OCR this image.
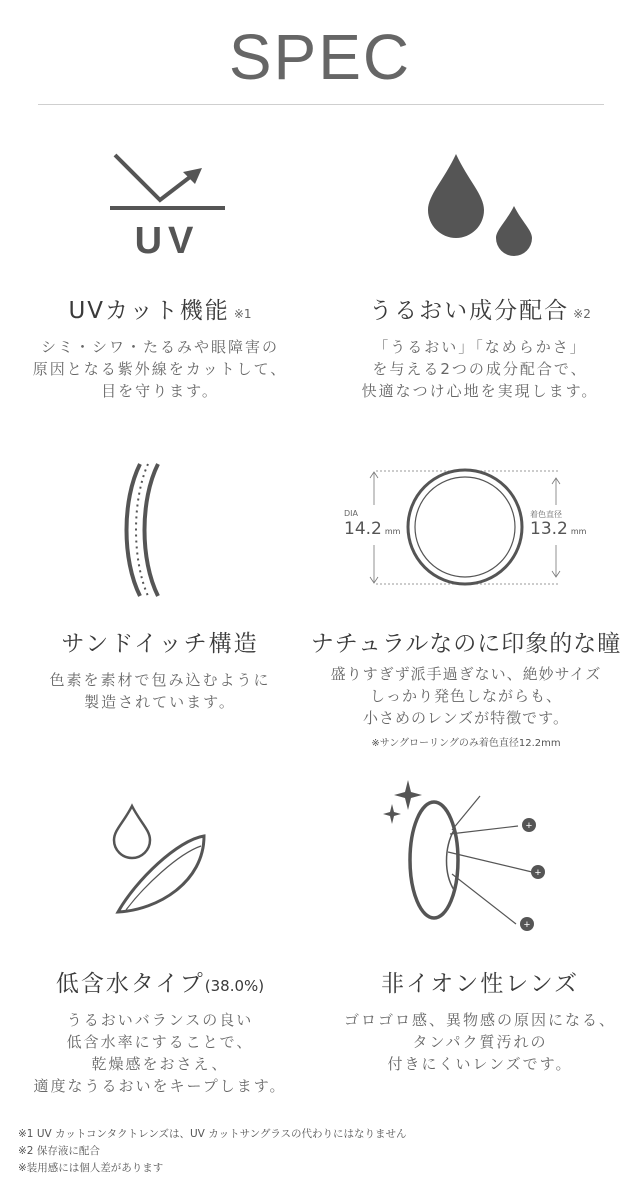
SPEC
UV
UVカット機能 ※1
シミ・シワ・たるみや眼障害の
原因となる紫外線をカットして、
目を守ります。
うるおい成分配合 ※2
「うるおい」「なめらかさ」
を与える2つの成分配合で、
快適なつけ心地を実現します。
サンドイッチ構造
色素を素材で包み込むように
製造されています。
DIA
14.2 mm
着色直径
13.2 mm
ナチュラルなのに印象的な瞳
盛りすぎず派手過ぎない、絶妙サイズ
しっかり発色しながらも、
小さめのレンズが特徴です。
※サングローリングのみ着色直径12.2mm
低含水タイプ(38.0%)
うるおいバランスの良い
低含水率にすることで、
乾燥感をおさえ、
適度なうるおいをキープします。
+
+
+
非イオン性レンズ
ゴロゴロ感、異物感の原因になる、
タンパク質汚れの
付きにくいレンズです。
※1 UV カットコンタクトレンズは、UV カットサングラスの代わりにはなりません
※2 保存液に配合
※装用感には個人差があります
